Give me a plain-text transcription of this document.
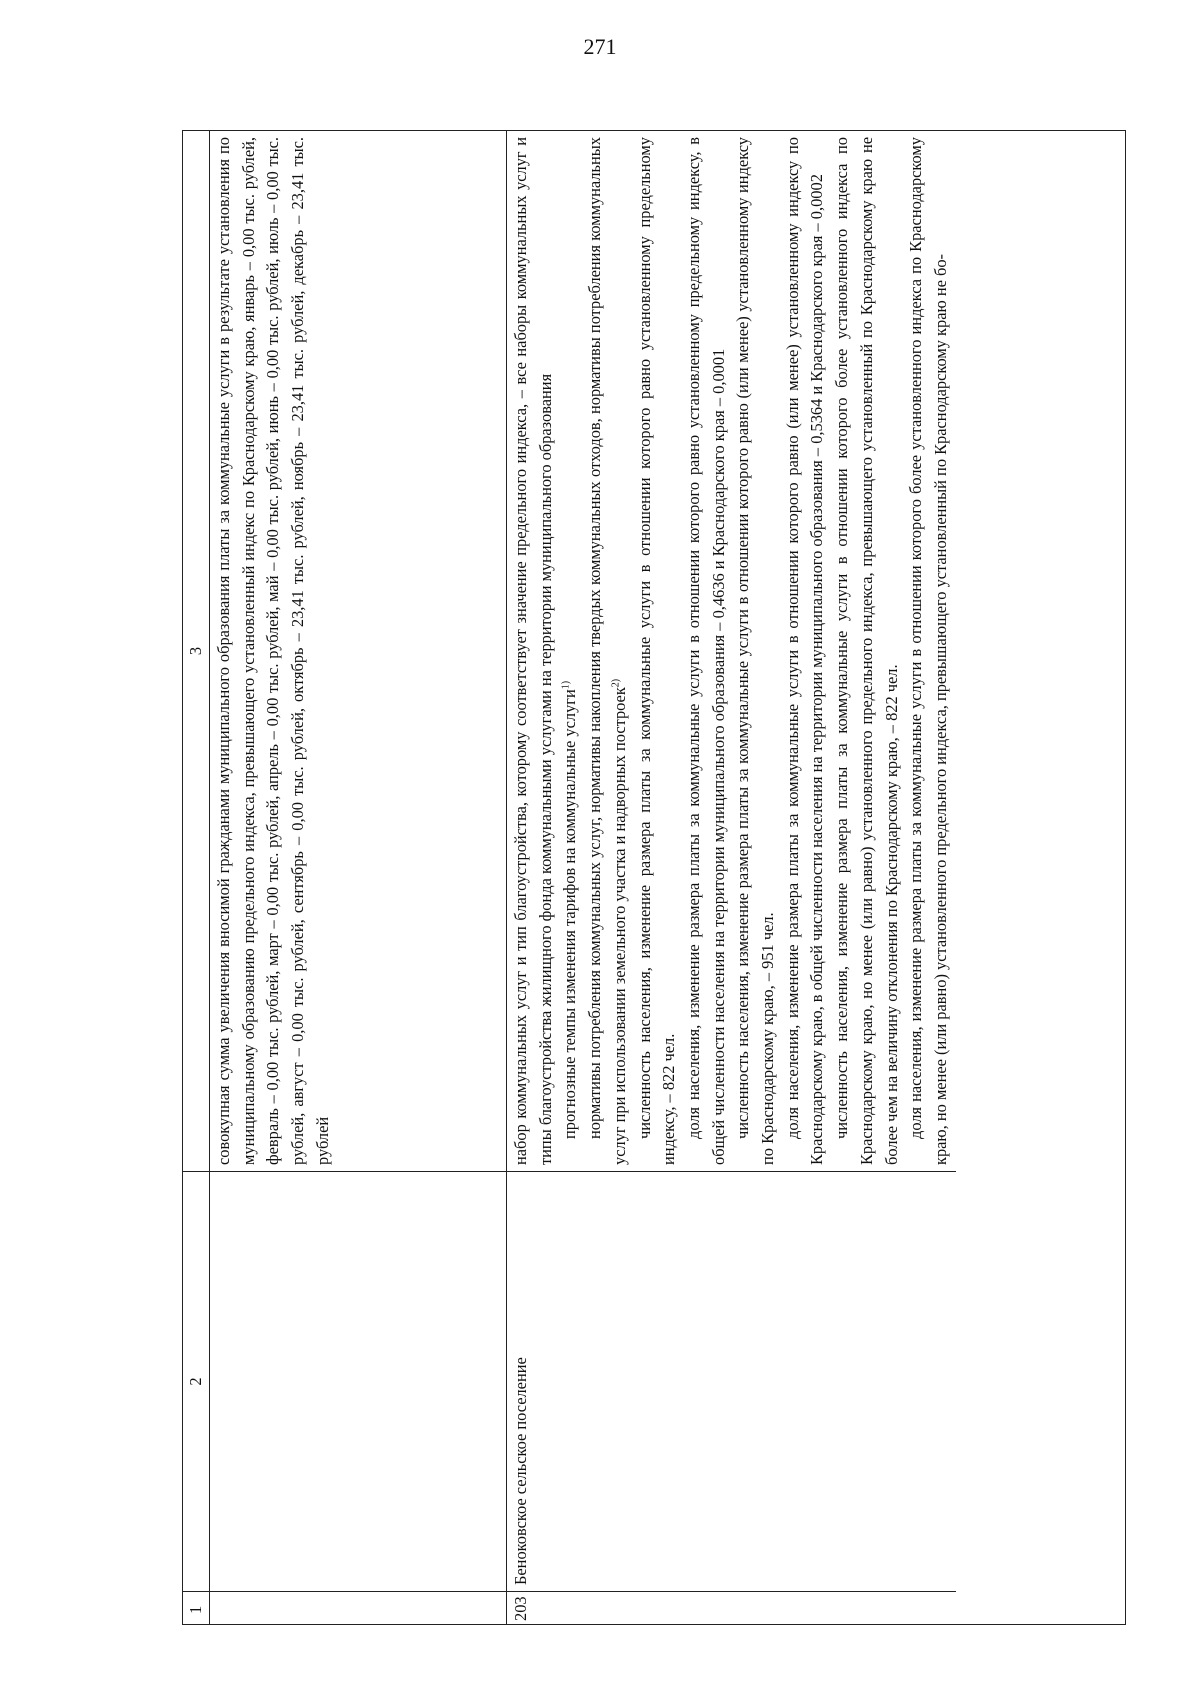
271
1
2
3 совокупная сумма увеличения вносимой гражданами муниципального образования платы за коммунальные услуги в результате установления по муниципальному образованию предельного индекса, превышающего установленный индекс по Краснодарскому краю, январь – 0,00 тыс. рублей, февраль – 0,00 тыс. рублей, март – 0,00 тыс. рублей, апрель – 0,00 тыс. рублей, май – 0,00 тыс. рублей, июнь – 0,00 тыс. рублей, июль – 0,00 тыс. рублей, август – 0,00 тыс. рублей, сентябрь – 0,00 тыс. рублей, октябрь – 23,41 тыс. рублей, ноябрь – 23,41 тыс. рублей, декабрь – 23,41 тыс. рублей

203
Беноковское сельское поселение

набор коммунальных услуг и тип благоустройства, которому соответствует значение предельного индекса, – все наборы коммунальных услуг и типы благоустройства жилищного фонда коммунальными услугами на территории муниципального образования прогнозные темпы изменения тарифов на коммунальные услуги$^{1)}$ нормативы потребления коммунальных услуг, нормативы накопления твердых коммунальных отходов, нормативы потребления коммунальных услуг при использовании земельного участка и надворных построек$^{2)}$ численность населения, изменение размера платы за коммунальные услуги в отношении которого равно установленному предельному индексу, – 822 чел. доля населения, изменение размера платы за коммунальные услуги в отношении которого равно установленному предельному индексу, в общей численности населения на территории муниципального образования – 0,4636 и Краснодарского края – 0,0001 численность населения, изменение размера платы за коммунальные услуги в отношении которого равно (или менее) установленному индексу по Краснодарскому краю, – 951 чел. доля населения, изменение размера платы за коммунальные услуги в отношении которого равно (или менее) установленному индексу по Краснодарскому краю, в общей численности населения на территории муниципального образования – 0,5364 и Краснодарского края – 0,0002 численность населения, изменение размера платы за коммунальные услуги в отношении которого более установленного индекса по Краснодарскому краю, но менее (или равно) установленного предельного индекса, превышающего установленный по Краснодарскому краю не более чем на величину отклонения по Краснодарскому краю, – 822 чел. доля населения, изменение размера платы за коммунальные услуги в отношении которого более установленного индекса по Краснодарскому краю, но менее (или равно) установленного предельного индекса, превышающего установленный по Краснодарскому краю не бо-
